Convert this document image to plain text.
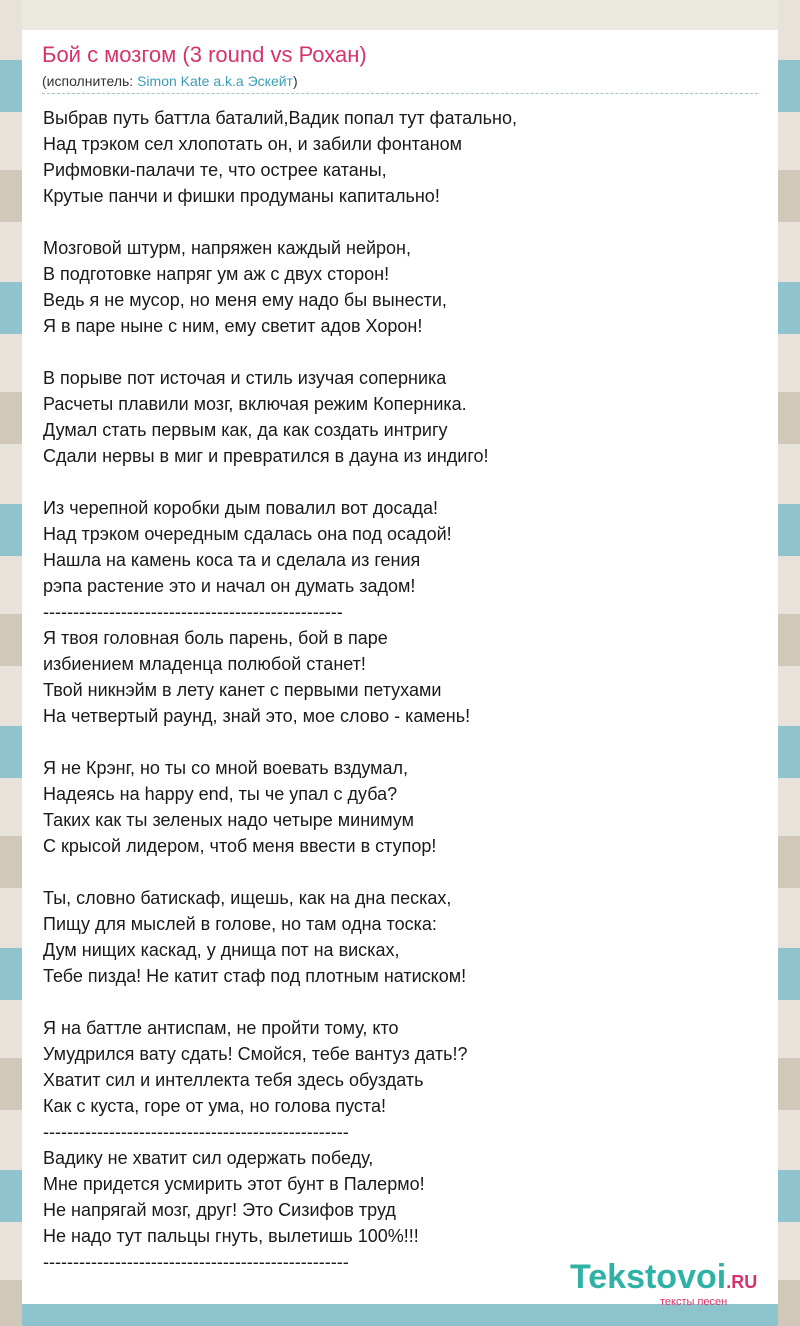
Бой с мозгом (3 round vs Рохан)
(исполнитель: Simon Kate a.k.a Эскейт)
Выбрав путь баттла баталий,Вадик попал тут фатально,
Над трэком сел хлопотать он, и забили фонтаном
Рифмовки-палачи те, что острее катаны,
Крутые панчи и фишки продуманы капитально!
Мозговой штурм, напряжен каждый нейрон,
В подготовке напряг ум аж с двух сторон!
Ведь я не мусор, но меня ему надо бы вынести,
Я в паре ныне с ним, ему светит адов Хорон!
В порыве пот источая и стиль изучая соперника
Расчеты плавили мозг, включая режим Коперника.
Думал стать первым как, да как создать интригу
Сдали нервы в миг и превратился в дауна из индиго!
Из черепной коробки дым повалил вот досада!
Над трэком очередным сдалась она под осадой!
Нашла на камень коса та и сделала из гения
рэпа растение это и начал он думать задом!
--------------------------------------------------
Я твоя головная боль парень, бой в паре
избиением младенца полюбой станет!
Твой никнэйм в лету канет с первыми петухами
На четвертый раунд, знай это, мое слово - камень!
Я не Крэнг, но ты со мной воевать вздумал,
Надеясь на happy end, ты че упал с дуба?
Таких как ты зеленых надо четыре минимум
С крысой лидером, чтоб меня ввести в ступор!
Ты, словно батискаф, ищешь, как на дна песках,
Пищу для мыслей в голове, но там одна тоска:
Дум нищих каскад, у днища пот на висках,
Тебе пизда! Не катит стаф под плотным натиском!
Я на баттле антиспам, не пройти тому, кто
Умудрился вату сдать! Смойся, тебе вантуз дать!?
Хватит сил и интеллекта тебя здесь обуздать
Как с куста, горе от ума, но голова пуста!
---------------------------------------------------
Вадику не хватит сил одержать победу,
Мне придется усмирить этот бунт в Палермо!
Не напрягай мозг, друг! Это Сизифов труд
Не надо тут пальцы гнуть, вылетишь 100%!!!
---------------------------------------------------	Tekstovoi.RU
тексты песен
